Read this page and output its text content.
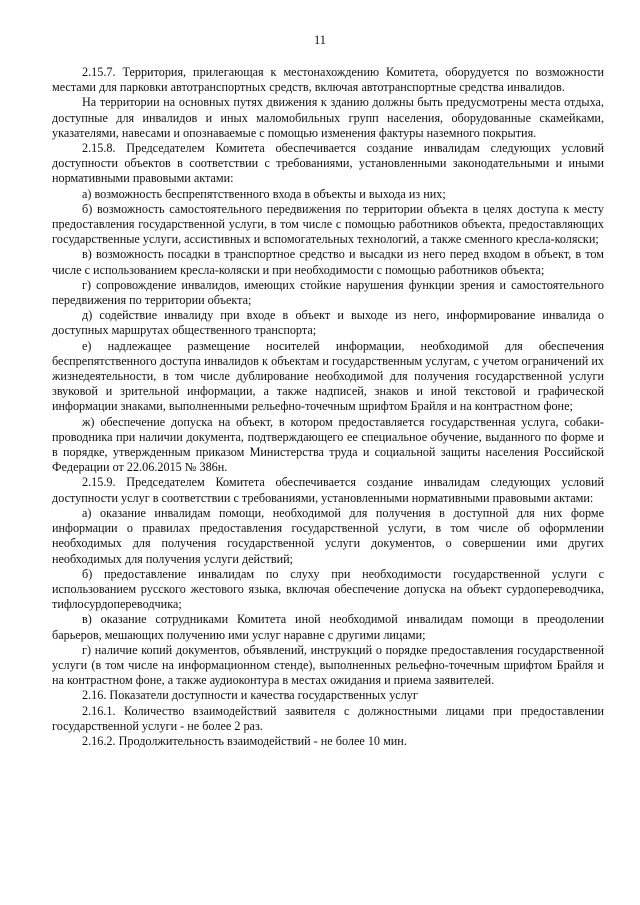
11

2.15.7. Территория, прилегающая к местонахождению Комитета, оборудуется по возможности местами для парковки автотранспортных средств, включая автотранспортные средства инвалидов.

На территории на основных путях движения к зданию должны быть предусмотрены места отдыха, доступные для инвалидов и иных маломобильных групп населения, оборудованные скамейками, указателями, навесами и опознаваемые с помощью изменения фактуры наземного покрытия.

2.15.8. Председателем Комитета обеспечивается создание инвалидам следующих условий доступности объектов в соответствии с требованиями, установленными законодательными и иными нормативными правовыми актами:

а) возможность беспрепятственного входа в объекты и выхода из них;

б) возможность самостоятельного передвижения по территории объекта в целях доступа к месту предоставления государственной услуги, в том числе с помощью работников объекта, предоставляющих государственные услуги, ассистивных и вспомогательных технологий, а также сменного кресла-коляски;

в) возможность посадки в транспортное средство и высадки из него перед входом в объект, в том числе с использованием кресла-коляски и при необходимости с помощью работников объекта;

г) сопровождение инвалидов, имеющих стойкие нарушения функции зрения и самостоятельного передвижения по территории объекта;

д) содействие инвалиду при входе в объект и выходе из него, информирование инвалида о доступных маршрутах общественного транспорта;

е) надлежащее размещение носителей информации, необходимой для обеспечения беспрепятственного доступа инвалидов к объектам и государственным услугам, с учетом ограничений их жизнедеятельности, в том числе дублирование необходимой для получения государственной услуги звуковой и зрительной информации, а также надписей, знаков и иной текстовой и графической информации знаками, выполненными рельефно-точечным шрифтом Брайля и на контрастном фоне;

ж) обеспечение допуска на объект, в котором предоставляется государственная услуга, собаки-проводника при наличии документа, подтверждающего ее специальное обучение, выданного по форме и в порядке, утвержденным приказом Министерства труда и социальной защиты населения Российской Федерации от 22.06.2015 № 386н.

2.15.9. Председателем Комитета обеспечивается создание инвалидам следующих условий доступности услуг в соответствии с требованиями, установленными нормативными правовыми актами:

а) оказание инвалидам помощи, необходимой для получения в доступной для них форме информации о правилах предоставления государственной услуги, в том числе об оформлении необходимых для получения государственной услуги документов, о совершении ими других необходимых для получения услуги действий;

б) предоставление инвалидам по слуху при необходимости государственной услуги с использованием русского жестового языка, включая обеспечение допуска на объект сурдопереводчика, тифлосурдопереводчика;

в) оказание сотрудниками Комитета иной необходимой инвалидам помощи в преодолении барьеров, мешающих получению ими услуг наравне с другими лицами;

г) наличие копий документов, объявлений, инструкций о порядке предоставления государственной услуги (в том числе на информационном стенде), выполненных рельефно-точечным шрифтом Брайля и на контрастном фоне, а также аудиоконтура в местах ожидания и приема заявителей.

2.16. Показатели доступности и качества государственных услуг

2.16.1. Количество взаимодействий заявителя с должностными лицами при предоставлении государственной услуги - не более 2 раз.

2.16.2. Продолжительность взаимодействий - не более 10 мин.
